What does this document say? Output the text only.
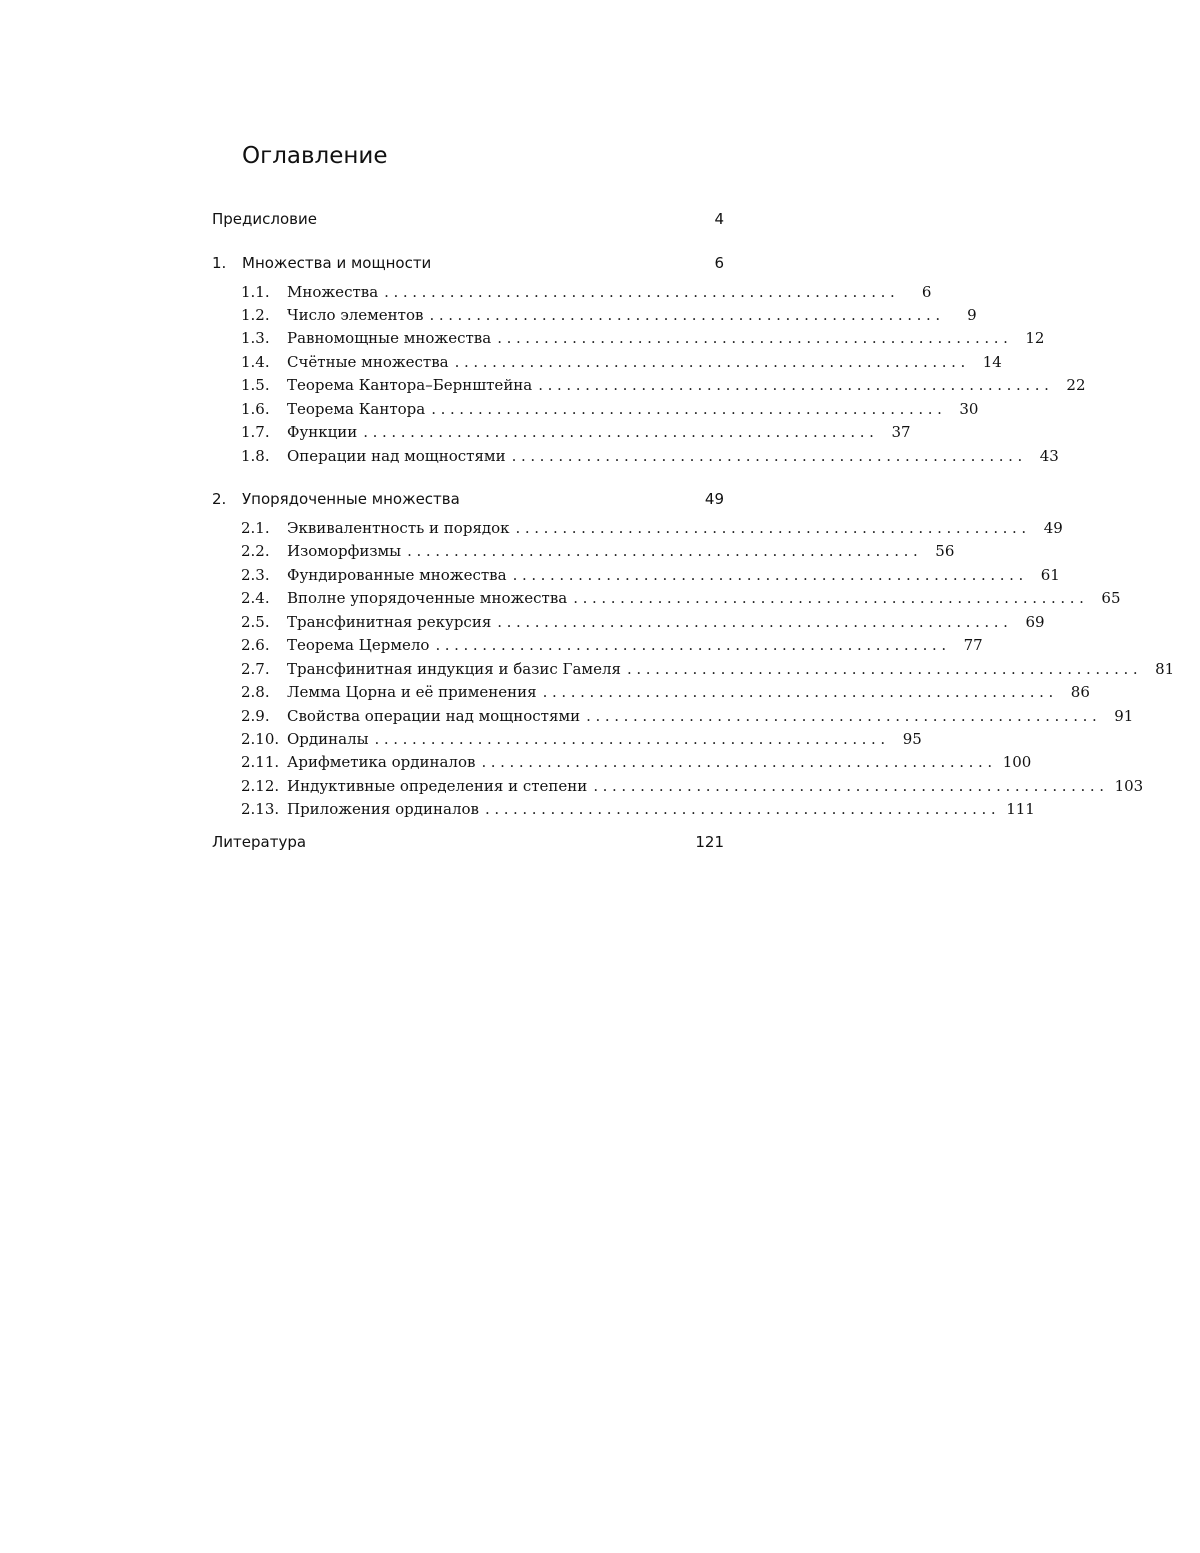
Оглавление
Предисловие	4
1.	Множества и мощности	6
1.1.	Множества .......................................................	6
1.2.	Число элементов .......................................................	9
1.3.	Равномощные множества ....................................................... 12
1.4.	Счётные множества ....................................................... 14
1.5.	Теорема Кантора–Бернштейна ....................................................... 22
1.6.	Теорема Кантора ....................................................... 30
1.7.	Функции ....................................................... 37
1.8.	Операции над мощностями ....................................................... 43
2.	Упорядоченные множества	49
2.1.	Эквивалентность и порядок ....................................................... 49
2.2.	Изоморфизмы ....................................................... 56
2.3.	Фундированные множества ....................................................... 61
2.4.	Вполне упорядоченные множества ....................................................... 65
2.5.	Трансфинитная рекурсия ....................................................... 69
2.6.	Теорема Цермело ....................................................... 77
2.7.	Трансфинитная индукция и базис Гамеля ....................................................... 81
2.8.	Лемма Цорна и её применения ....................................................... 86
2.9.	Свойства операции над мощностями ....................................................... 91
2.10. Ординалы ....................................................... 95
2.11. Арифметика ординалов ....................................................... 100
2.12. Индуктивные определения и степени ....................................................... 103
2.13. Приложения ординалов ....................................................... 111
Литература	121
